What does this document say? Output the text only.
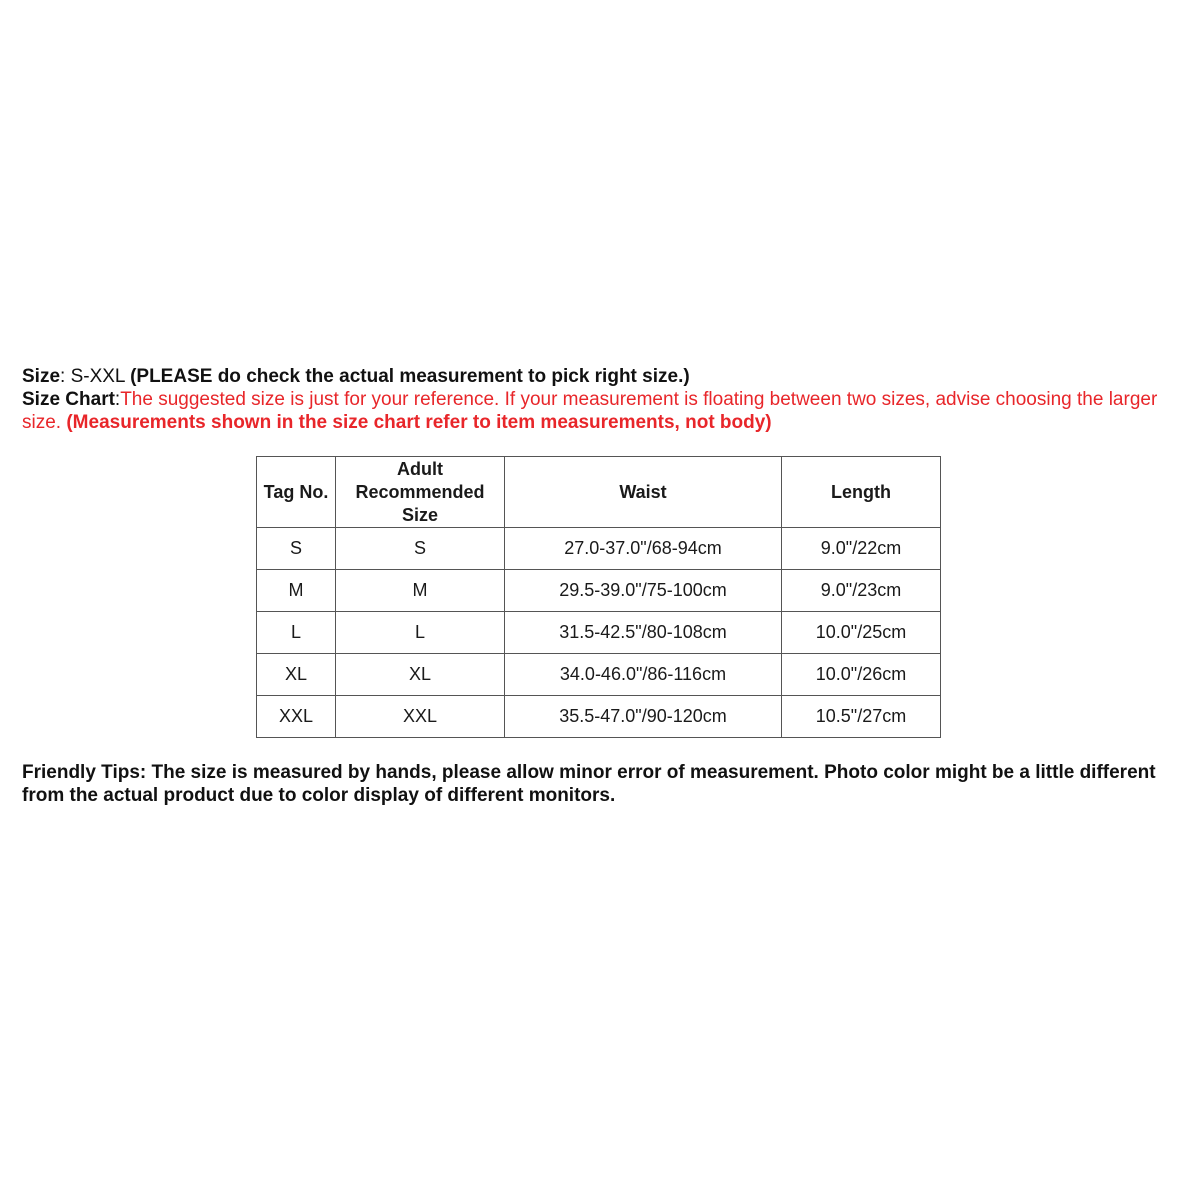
Size: S-XXL (PLEASE do check the actual measurement to pick right size.)

Size Chart:The suggested size is just for your reference. If your measurement is floating between two sizes, advise choosing the larger size. (Measurements shown in the size chart refer to item measurements, not body)

Tag No.	Adult Recommended Size	Waist	Length
S	S	27.0-37.0"/68-94cm	9.0"/22cm
M	M	29.5-39.0"/75-100cm	9.0"/23cm
L	L	31.5-42.5"/80-108cm	10.0"/25cm
XL	XL	34.0-46.0"/86-116cm	10.0"/26cm
XXL	XXL	35.5-47.0"/90-120cm	10.5"/27cm

Friendly Tips: The size is measured by hands, please allow minor error of measurement. Photo color might be a little different from the actual product due to color display of different monitors.
